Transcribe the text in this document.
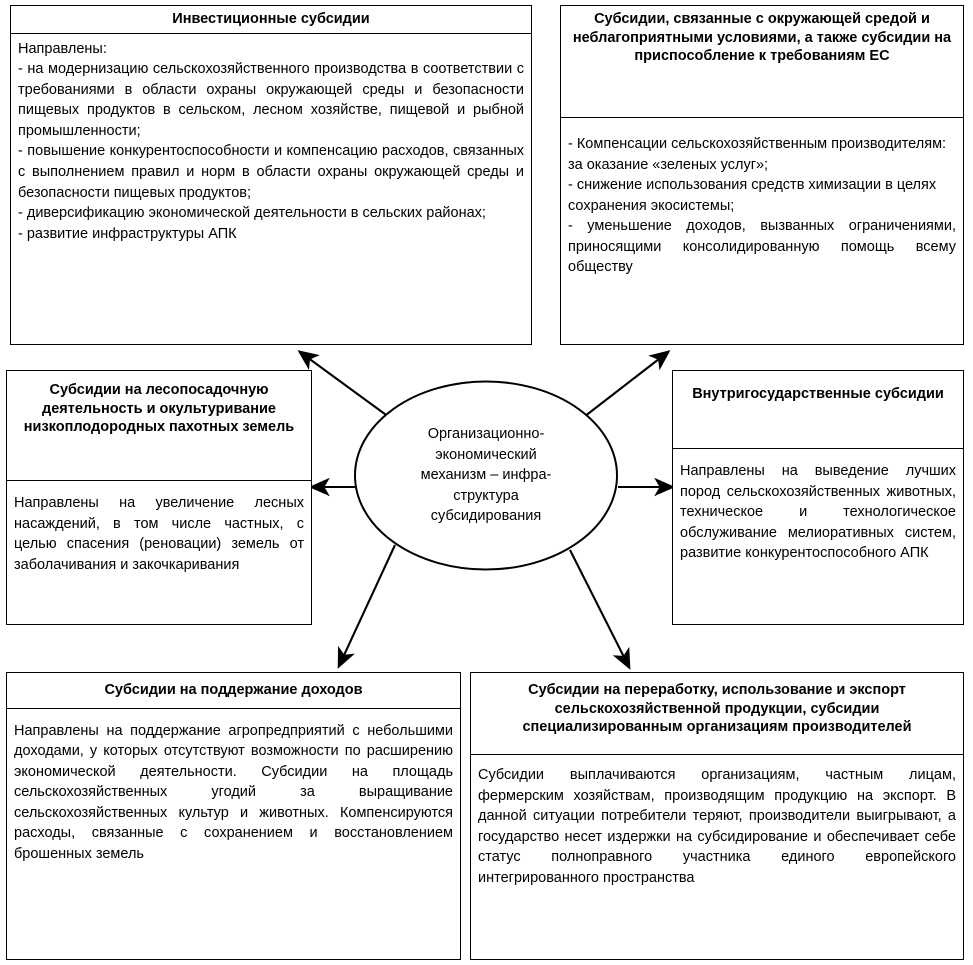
Инвестиционные субсидии

Направлены:

- на модернизацию сельскохозяйственного производства в соответствии с требованиями в области охраны окружающей среды и безопасности пищевых продуктов в сельском, лесном хозяйстве, пищевой и рыбной промышленности;

- повышение конкурентоспособности и компенсацию расходов, связанных с выполнением правил и норм в области охраны окружающей среды и безопасности пищевых продуктов;

- диверсификацию экономической деятельности в сельских районах;

- развитие инфраструктуры АПК

Субсидии, связанные с окружающей средой и неблагоприятными условиями, а также субсидии на приспособление к требованиям ЕС

- Компенсации сельскохозяйственным производителям:

за оказание «зеленых услуг»;

- снижение использования средств химизации в целях сохранения экосистемы;

- уменьшение доходов, вызванных ограничениями, приносящими консолидированную помощь всему обществу

Субсидии на лесопосадочную деятельность и окультуривание низкоплодородных пахотных земель

Направлены на увеличение лесных насаждений, в том числе частных, с целью спасения (реновации) земель от заболачивания и закочкаривания

Внутригосударственные субсидии

Направлены на выведение лучших пород сельскохозяйственных животных, техническое и технологическое обслуживание мелиоративных систем, развитие конкурентоспособного АПК

Субсидии на поддержание доходов

Направлены на поддержание агропредприятий с небольшими доходами, у которых отсутствуют возможности по расширению экономической деятельности. Субсидии на площадь сельскохозяйственных угодий за выращивание сельскохозяйственных культур и животных. Компенсируются расходы, связанные с сохранением и восстановлением брошенных земель

Субсидии на переработку, использование и экспорт сельскохозяйственной продукции, субсидии специализированным организациям производителей

Субсидии выплачиваются организациям, частным лицам, фермерским хозяйствам, производящим продукцию на экспорт. В данной ситуации потребители теряют, производители выигрывают, а государство несет издержки на субсидирование и обеспечивает себе статус полноправного участника единого европейского интегрированного пространства

Организационно-
экономический
механизм – инфра-
структура
субсидирования
